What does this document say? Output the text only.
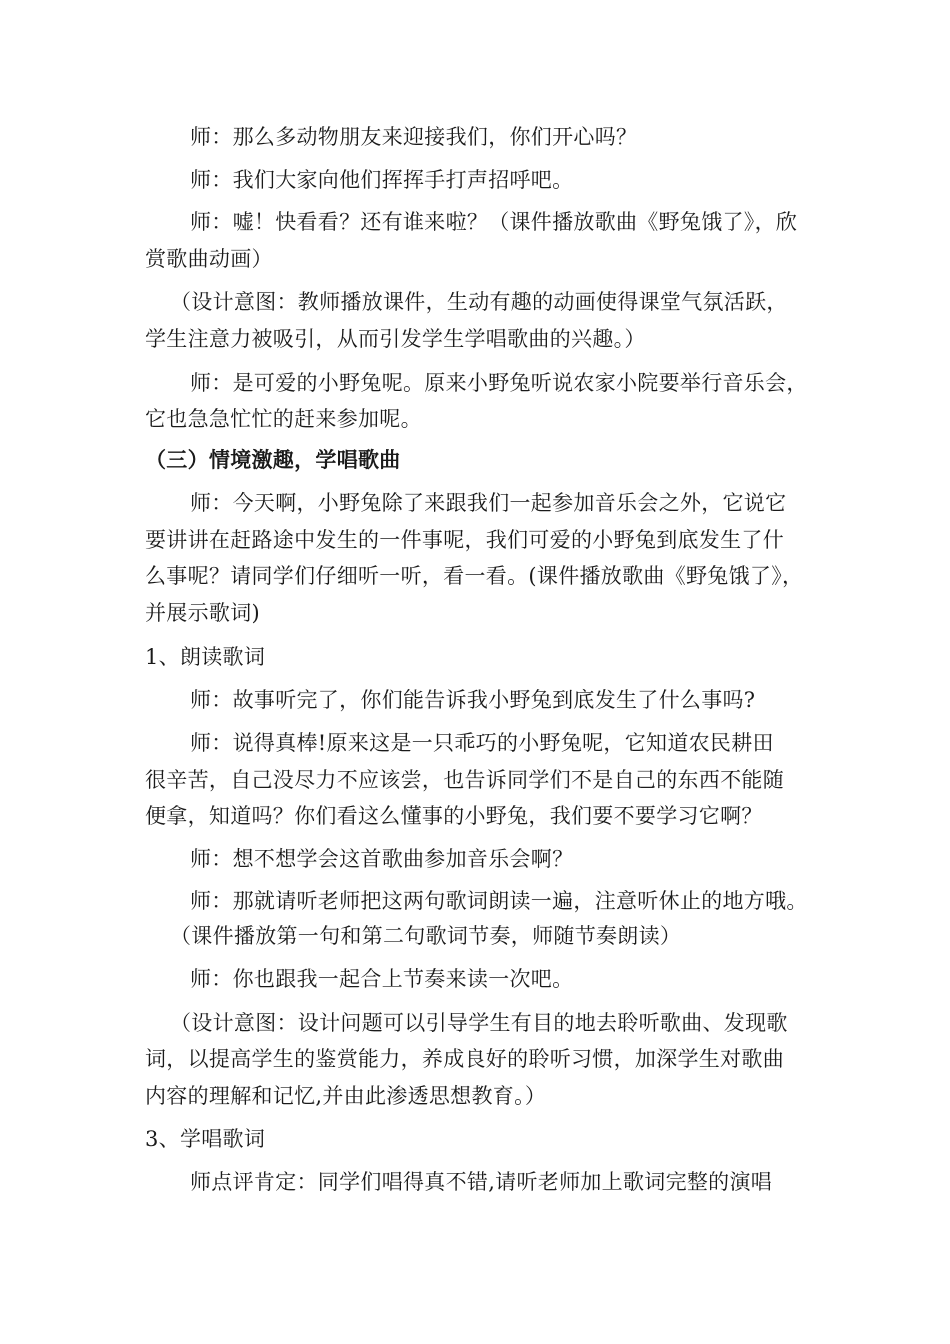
师：那么多动物朋友来迎接我们，你们开心吗？
师：我们大家向他们挥挥手打声招呼吧。
师：嘘！快看看？还有谁来啦？（课件播放歌曲《野兔饿了》，欣
赏歌曲动画）
（设计意图：教师播放课件，生动有趣的动画使得课堂气氛活跃，
学生注意力被吸引，从而引发学生学唱歌曲的兴趣。）
师：是可爱的小野兔呢。原来小野兔听说农家小院要举行音乐会，
它也急急忙忙的赶来参加呢。
（三）情境激趣，学唱歌曲
师：今天啊，小野兔除了来跟我们一起参加音乐会之外，它说它
要讲讲在赶路途中发生的一件事呢，我们可爱的小野兔到底发生了什
么事呢？请同学们仔细听一听，看一看。(课件播放歌曲《野兔饿了》，
并展示歌词)
1、朗读歌词
师：故事听完了，你们能告诉我小野兔到底发生了什么事吗?
师：说得真棒!原来这是一只乖巧的小野兔呢，它知道农民耕田
很辛苦，自己没尽力不应该尝，也告诉同学们不是自己的东西不能随
便拿，知道吗？你们看这么懂事的小野兔，我们要不要学习它啊？
师：想不想学会这首歌曲参加音乐会啊？
师：那就请听老师把这两句歌词朗读一遍，注意听休止的地方哦。
（课件播放第一句和第二句歌词节奏，师随节奏朗读）
师：你也跟我一起合上节奏来读一次吧。
（设计意图：设计问题可以引导学生有目的地去聆听歌曲、发现歌
词，以提高学生的鉴赏能力，养成良好的聆听习惯，加深学生对歌曲
内容的理解和记忆,并由此渗透思想教育。）
3、学唱歌词
师点评肯定：同学们唱得真不错,请听老师加上歌词完整的演唱
